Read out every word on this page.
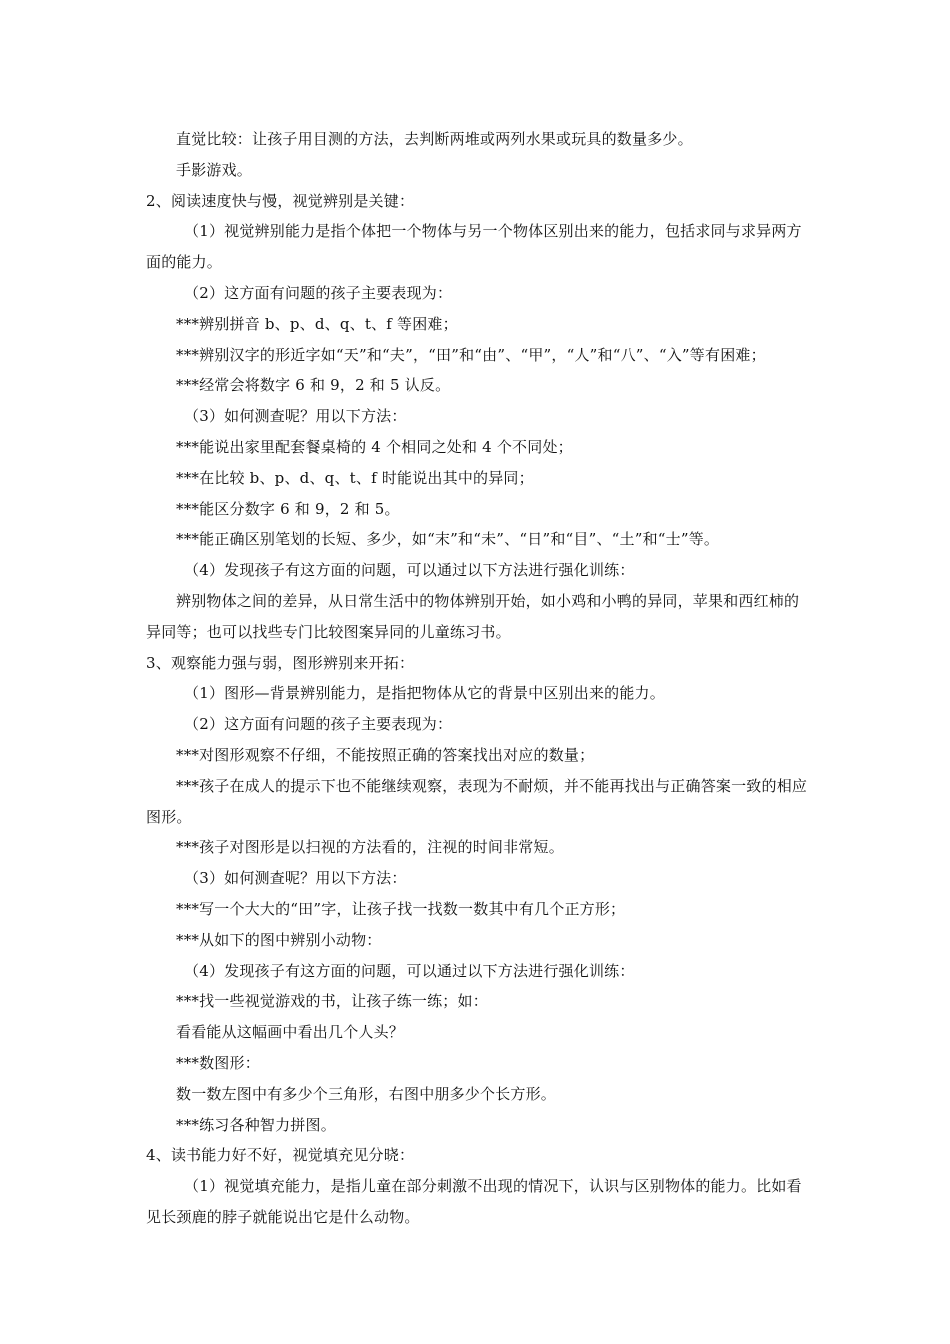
直觉比较：让孩子用目测的方法，去判断两堆或两列水果或玩具的数量多少。

手影游戏。

2、阅读速度快与慢，视觉辨别是关键：

（1）视觉辨别能力是指个体把一个物体与另一个物体区别出来的能力，包括求同与求异两方面的能力。

（2）这方面有问题的孩子主要表现为：

***辨别拼音 b、p、d、q、t、f 等困难；

***辨别汉字的形近字如“天”和“夫”，“田”和“由”、“甲”，“人”和“八”、“入”等有困难；

***经常会将数字 6 和 9，2 和 5 认反。

（3）如何测查呢？用以下方法：

***能说出家里配套餐桌椅的 4 个相同之处和 4 个不同处；

***在比较 b、p、d、q、t、f 时能说出其中的异同；

***能区分数字 6 和 9，2 和 5。

***能正确区别笔划的长短、多少，如“末”和“未”、“日”和“目”、“土”和“士”等。

（4）发现孩子有这方面的问题，可以通过以下方法进行强化训练：

辨别物体之间的差异，从日常生活中的物体辨别开始，如小鸡和小鸭的异同，苹果和西红柿的异同等；也可以找些专门比较图案异同的儿童练习书。

3、观察能力强与弱，图形辨别来开拓：

（1）图形—背景辨别能力，是指把物体从它的背景中区别出来的能力。

（2）这方面有问题的孩子主要表现为：

***对图形观察不仔细，不能按照正确的答案找出对应的数量；

***孩子在成人的提示下也不能继续观察，表现为不耐烦，并不能再找出与正确答案一致的相应图形。

***孩子对图形是以扫视的方法看的，注视的时间非常短。

（3）如何测查呢？用以下方法：

***写一个大大的“田”字，让孩子找一找数一数其中有几个正方形；

***从如下的图中辨别小动物：

（4）发现孩子有这方面的问题，可以通过以下方法进行强化训练：

***找一些视觉游戏的书，让孩子练一练；如：

看看能从这幅画中看出几个人头？

***数图形：

数一数左图中有多少个三角形，右图中朋多少个长方形。

***练习各种智力拼图。

4、读书能力好不好，视觉填充见分晓：

（1）视觉填充能力，是指儿童在部分刺激不出现的情况下，认识与区别物体的能力。比如看见长颈鹿的脖子就能说出它是什么动物。
